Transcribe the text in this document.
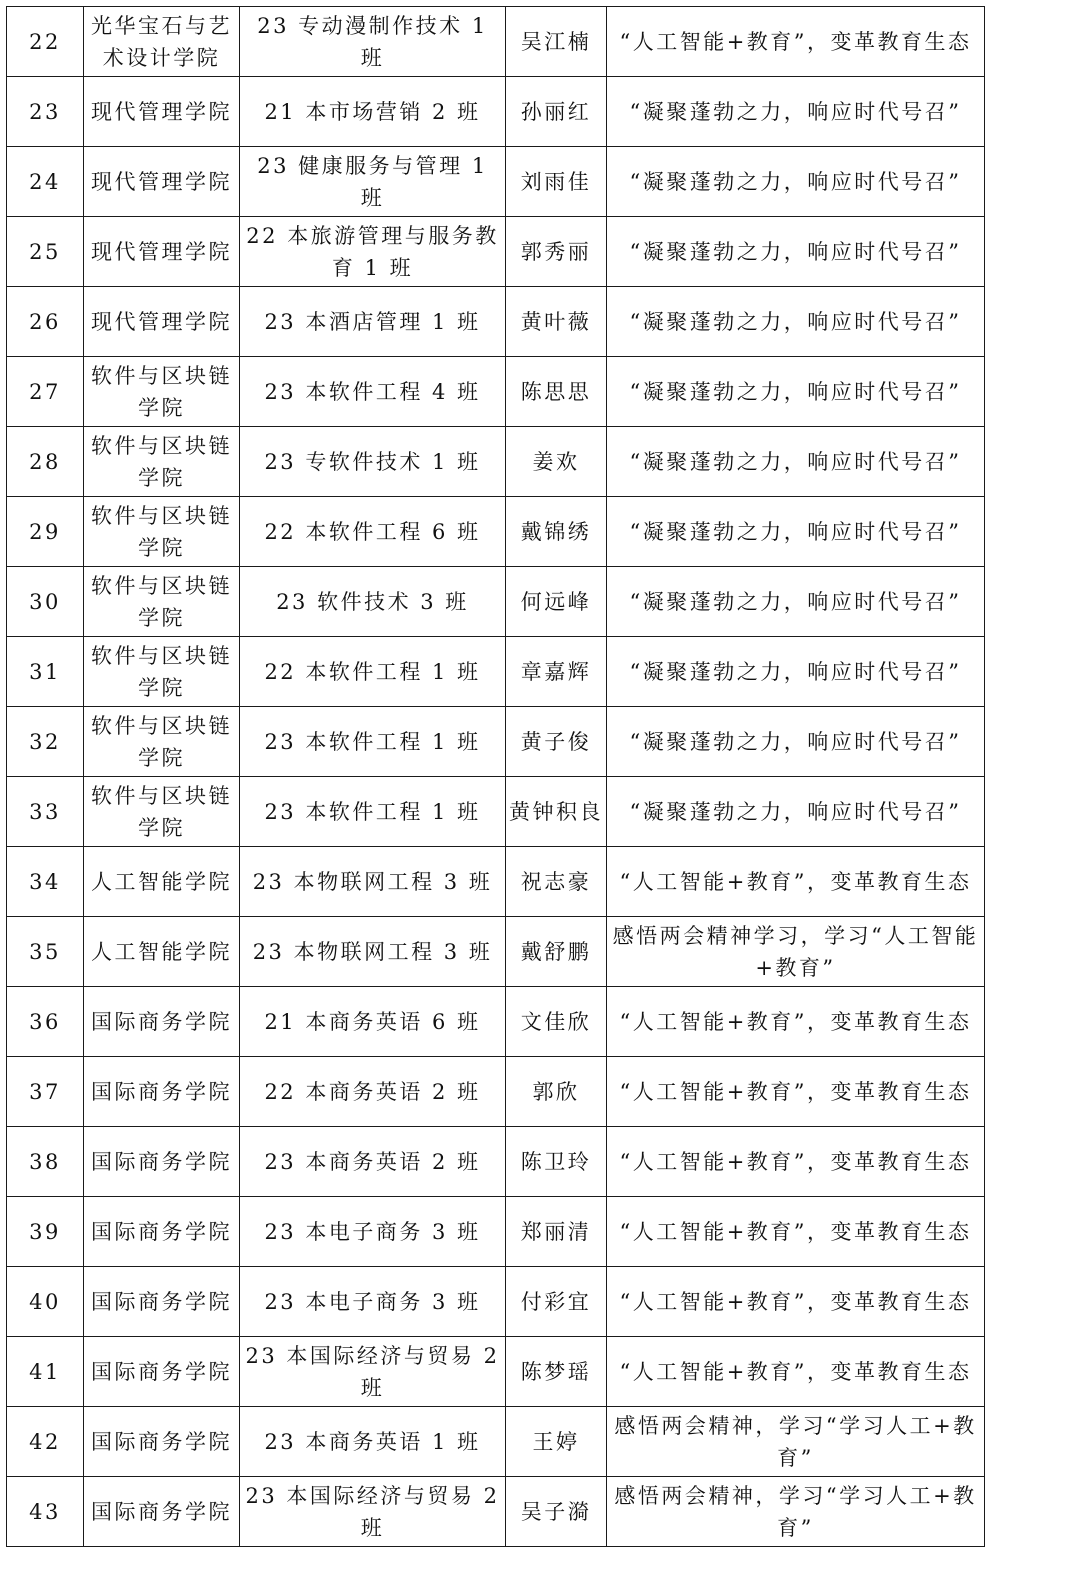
22	光华宝石与艺术设计学院	23 专动漫制作技术 1 班	吴江楠	“人工智能+教育”，变革教育生态	
23	现代管理学院	21 本市场营销 2 班	孙丽红	“凝聚蓬勃之力，响应时代号召”	
24	现代管理学院	23 健康服务与管理 1 班	刘雨佳	“凝聚蓬勃之力，响应时代号召”	
25	现代管理学院	22 本旅游管理与服务教育 1 班	郭秀丽	“凝聚蓬勃之力，响应时代号召”	
26	现代管理学院	23 本酒店管理 1 班	黄叶薇	“凝聚蓬勃之力，响应时代号召”	
27	软件与区块链学院	23 本软件工程 4 班	陈思思	“凝聚蓬勃之力，响应时代号召”	
28	软件与区块链学院	23 专软件技术 1 班	姜欢	“凝聚蓬勃之力，响应时代号召”	
29	软件与区块链学院	22 本软件工程 6 班	戴锦绣	“凝聚蓬勃之力，响应时代号召”	
30	软件与区块链学院	23 软件技术 3 班	何远峰	“凝聚蓬勃之力，响应时代号召”	
31	软件与区块链学院	22 本软件工程 1 班	章嘉辉	“凝聚蓬勃之力，响应时代号召”	
32	软件与区块链学院	23 本软件工程 1 班	黄子俊	“凝聚蓬勃之力，响应时代号召”	
33	软件与区块链学院	23 本软件工程 1 班	黄钟积良	“凝聚蓬勃之力，响应时代号召”	
34	人工智能学院	23 本物联网工程 3 班	祝志豪	“人工智能+教育”，变革教育生态	
35	人工智能学院	23 本物联网工程 3 班	戴舒鹏	感悟两会精神学习，学习“人工智能+教育”	
36	国际商务学院	21 本商务英语 6 班	文佳欣	“人工智能+教育”，变革教育生态	
37	国际商务学院	22 本商务英语 2 班	郭欣	“人工智能+教育”，变革教育生态	
38	国际商务学院	23 本商务英语 2 班	陈卫玲	“人工智能+教育”，变革教育生态	
39	国际商务学院	23 本电子商务 3 班	郑丽清	“人工智能+教育”，变革教育生态	
40	国际商务学院	23 本电子商务 3 班	付彩宜	“人工智能+教育”，变革教育生态	
41	国际商务学院	23 本国际经济与贸易 2 班	陈梦瑶	“人工智能+教育”，变革教育生态	
42	国际商务学院	23 本商务英语 1 班	王婷	感悟两会精神，学习“学习人工+教育”	
43	国际商务学院	23 本国际经济与贸易 2 班	吴子漪	感悟两会精神，学习“学习人工+教育”	
